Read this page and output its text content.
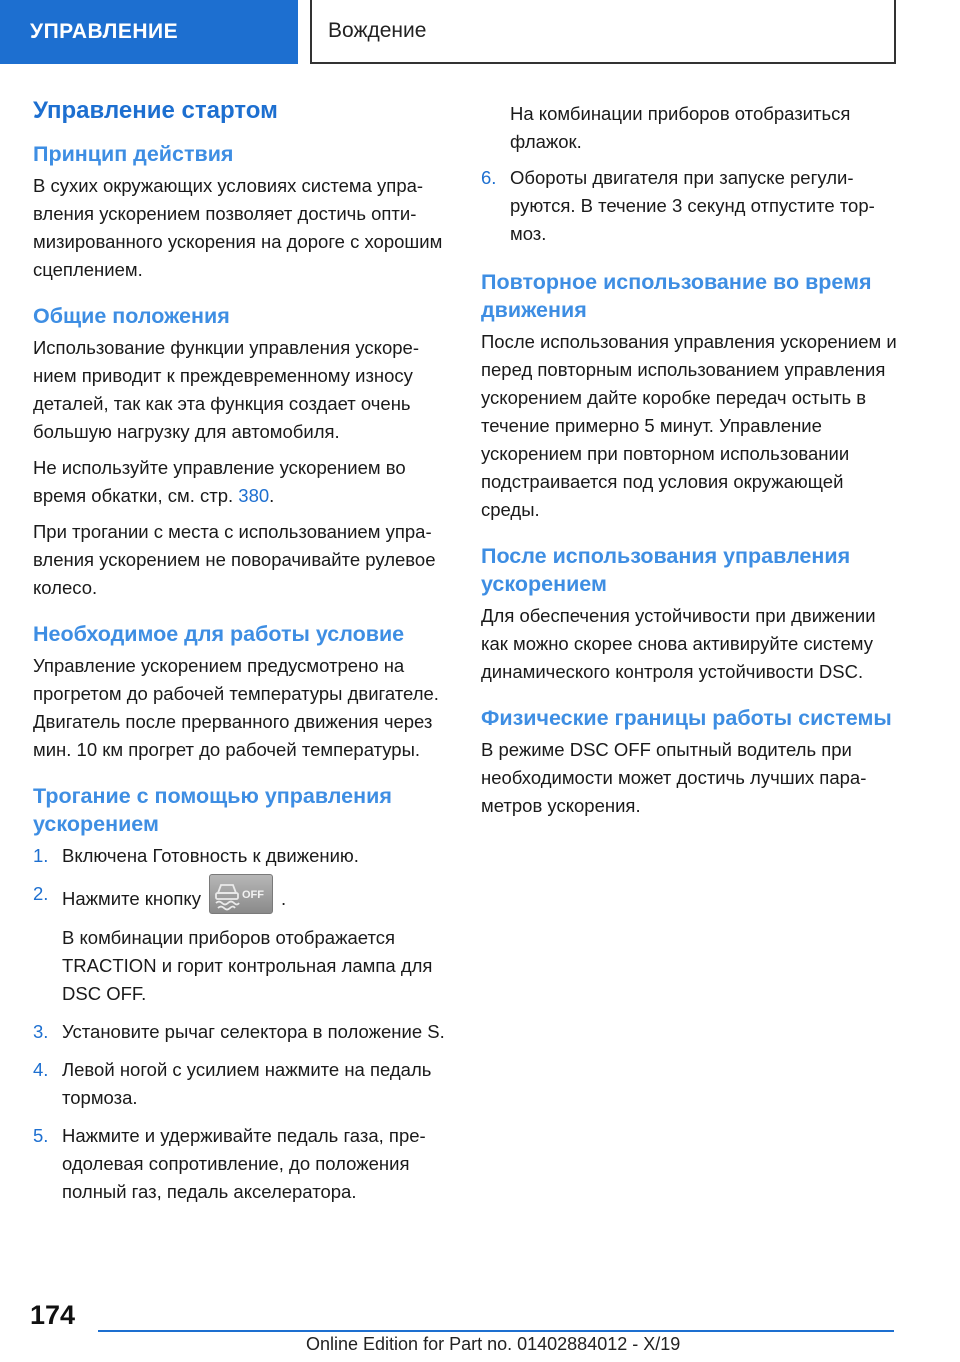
УПРАВЛЕНИЕ	Вождение
Управление стартом
Принцип действия

В сухих окружающих условиях система управления ускорением позволяет достичь оптимизированного ускорения на дороге с хорошим сцеплением.

Общие положения

Использование функции управления ускорением приводит к преждевременному износу деталей, так как эта функция создает очень большую нагрузку для автомобиля.

Не используйте управление ускорением во время обкатки, см. стр. 380.

При трогании с места с использованием управления ускорением не поворачивайте рулевое колесо.

Необходимое для работы условие

Управление ускорением предусмотрено на прогретом до рабочей температуры двигателе. Двигатель после прерванного движения через мин. 10 км прогрет до рабочей температуры.

Трогание с помощью управления ускорением
1. Включена Готовность к движению.
2. Нажмите кнопку	OFF .

В комбинации приборов отображается TRACTION и горит контрольная лампа для DSC OFF.

3. Установите рычаг селектора в положение S.
4. Левой ногой с усилием нажмите на педаль тормоза.
5. Нажмите и удерживайте педаль газа, преодолевая сопротивление, до положения полный газ, педаль акселератора.

На комбинации приборов отобразиться флажок.

6. Обороты двигателя при запуске регулируются. В течение 3 секунд отпустите тормоз.
Повторное использование во время движения

После использования управления ускорением и перед повторным использованием управления ускорением дайте коробке передач остыть в течение примерно 5 минут. Управление ускорением при повторном использовании подстраивается под условия окружающей среды.

После использования управления ускорением

Для обеспечения устойчивости при движении как можно скорее снова активируйте систему динамического контроля устойчивости DSC.

Физические границы работы системы

В режиме DSC OFF опытный водитель при необходимости может достичь лучших параметров ускорения.

174
Online Edition for Part no. 01402884012 - X/19
